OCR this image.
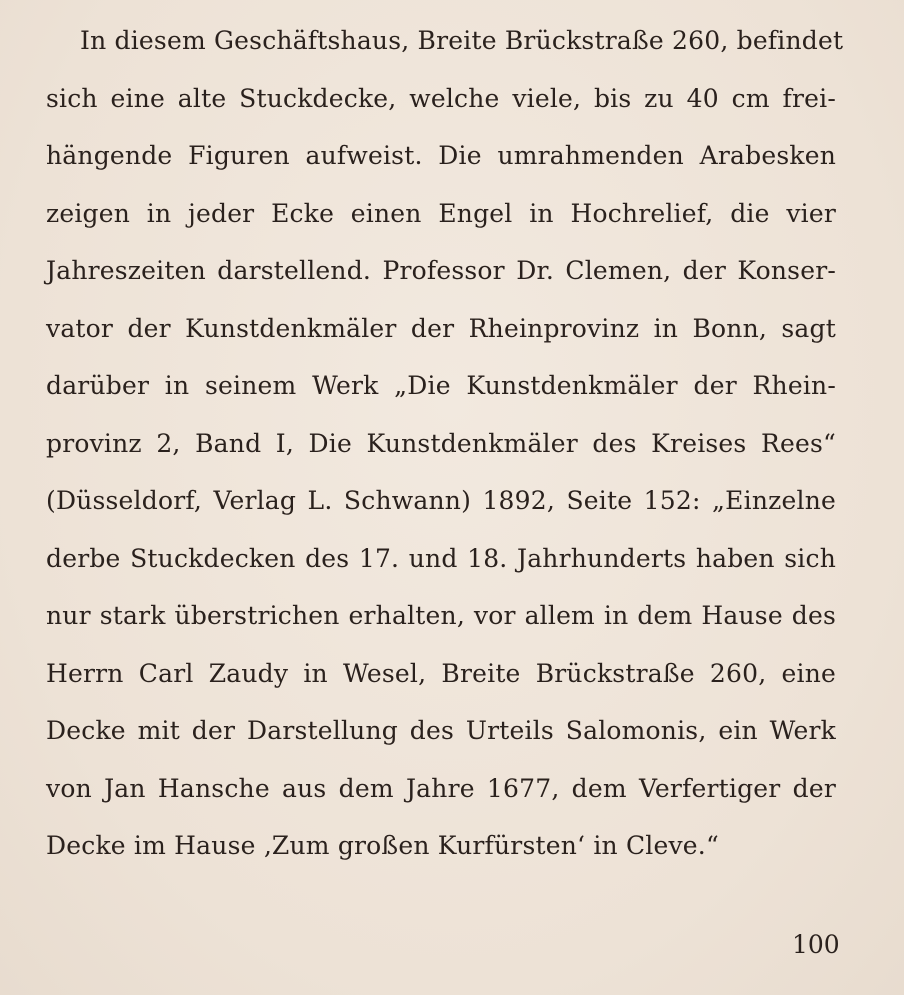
In diesem Geschäftshaus, Breite Brückstraße 260, befindet
sich eine alte Stuckdecke, welche viele, bis zu 40 cm frei-
hängende Figuren aufweist. Die umrahmenden Arabesken
zeigen in jeder Ecke einen Engel in Hochrelief, die vier
Jahreszeiten darstellend. Professor Dr. Clemen, der Konser-
vator der Kunstdenkmäler der Rheinprovinz in Bonn, sagt
darüber in seinem Werk „Die Kunstdenkmäler der Rhein-
provinz 2, Band I, Die Kunstdenkmäler des Kreises Rees“
(Düsseldorf, Verlag L. Schwann) 1892, Seite 152: „Einzelne
derbe Stuckdecken des 17. und 18. Jahrhunderts haben sich
nur stark überstrichen erhalten, vor allem in dem Hause des
Herrn Carl Zaudy in Wesel, Breite Brückstraße 260, eine
Decke mit der Darstellung des Urteils Salomonis, ein Werk
von Jan Hansche aus dem Jahre 1677, dem Verfertiger der
Decke im Hause ‚Zum großen Kurfürsten‘ in Cleve.“
100
